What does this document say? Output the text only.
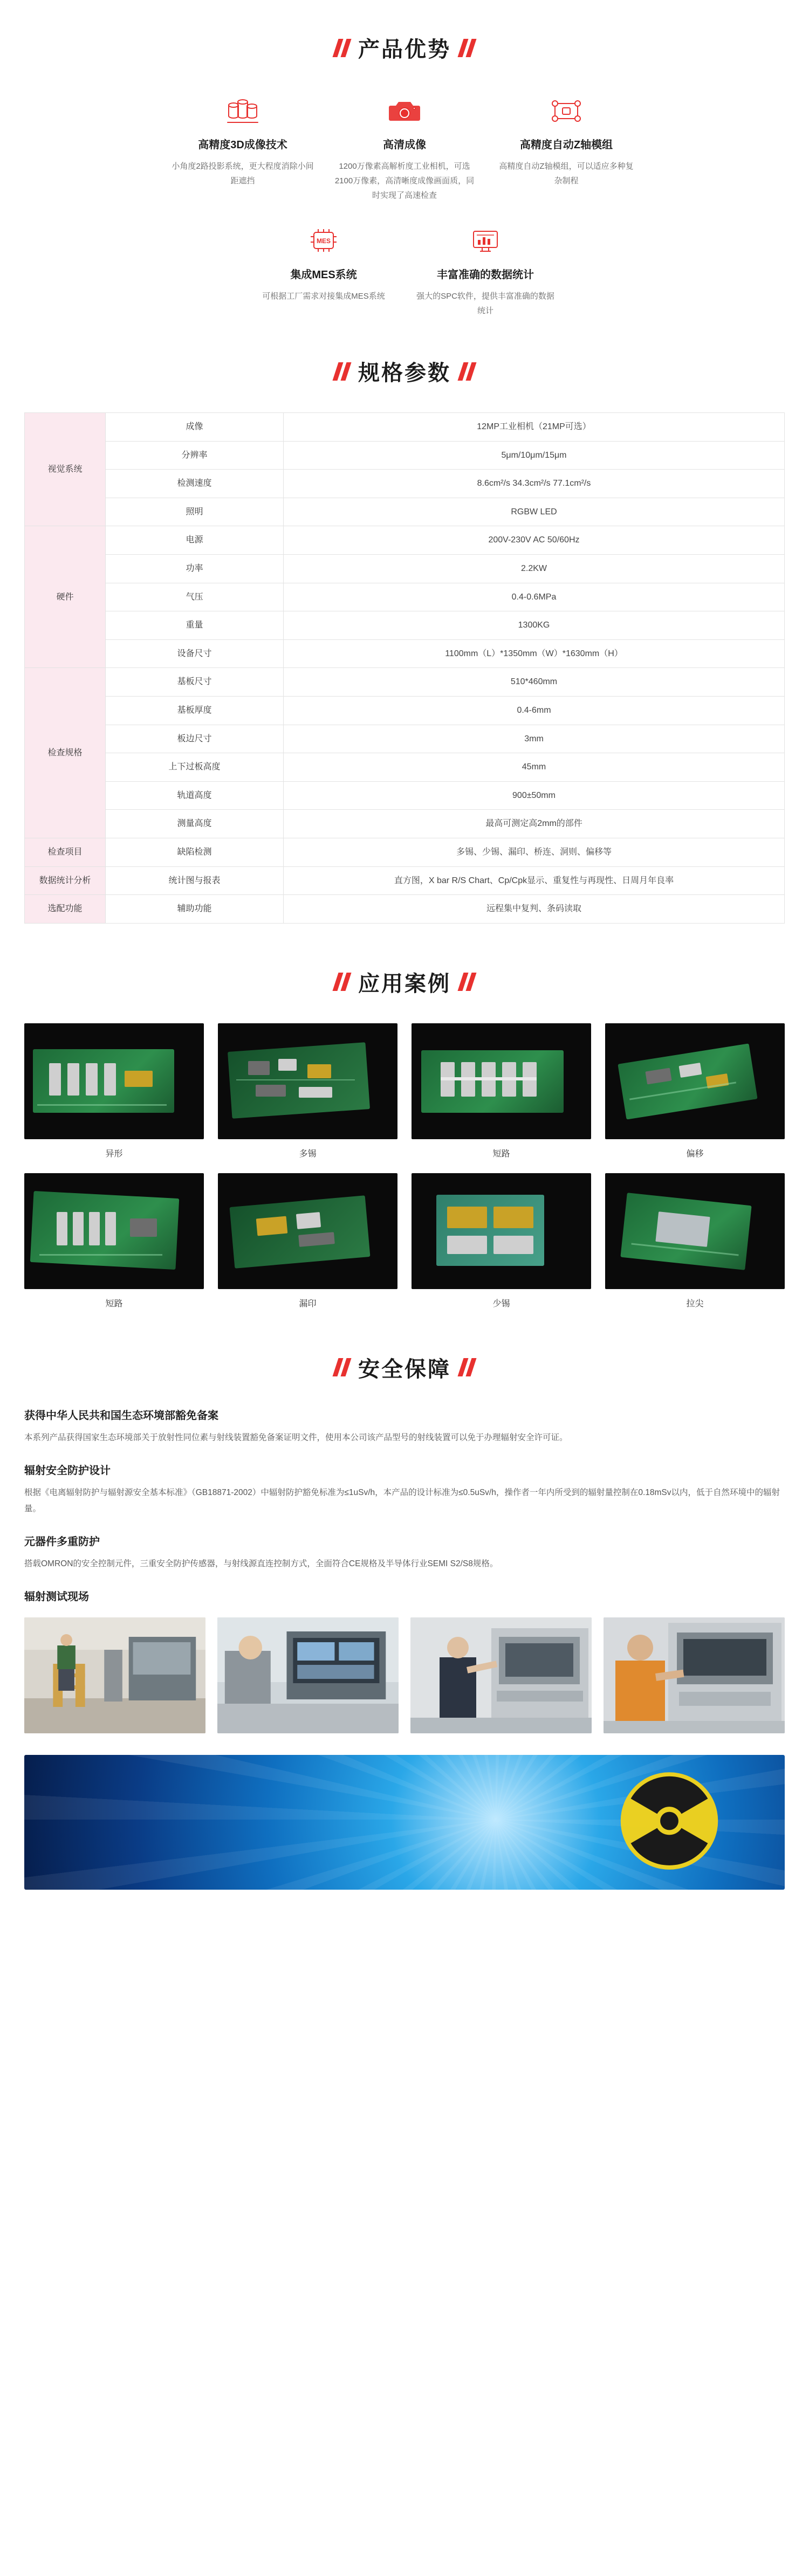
产品优势
高精度3D成像技术
小角度2路投影系统，更大程度消除小间距遮挡
高清成像
1200万像素高解析度工业相机，可选2100万像素，高清晰度成像画面质，同时实现了高速检查
高精度自动Z轴模组
高精度自动Z轴模组，可以适应多种复杂制程
MES
集成MES系统
可根据工厂需求对接集成MES系统
丰富准确的数据统计
强大的SPC软件，提供丰富准确的数据统计
规格参数
视觉系统	成像	12MP工业相机（21MP可选）
	分辨率	5μm/10μm/15μm
	检测速度	8.6cm²/s 34.3cm²/s 77.1cm²/s
	照明	RGBW LED
硬件	电源	200V-230V AC 50/60Hz
	功率	2.2KW
	气压	0.4-0.6MPa
	重量	1300KG
	设备尺寸	1100mm（L）*1350mm（W）*1630mm（H）
检查规格	基板尺寸	510*460mm
	基板厚度	0.4-6mm
	板边尺寸	3mm
	上下过板高度	45mm
	轨道高度	900±50mm
	测量高度	最高可测定高2mm的部件
检查项目	缺陷检测	多锡、少锡、漏印、桥连、洞则、偏移等
数据统计分析	统计图与报表	直方图，X bar R/S Chart、Cp/Cpk显示、重复性与再现性、日周月年良率
选配功能	辅助功能	远程集中复判、条码读取
应用案例
异形	多锡	短路	偏移
短路	漏印	少锡	拉尖
安全保障
获得中华人民共和国生态环境部豁免备案

本系列产品获得国家生态环境部关于放射性同位素与射线装置豁免备案证明文件，使用本公司该产品型号的射线装置可以免于办理辐射安全许可证。

辐射安全防护设计

根据《电离辐射防护与辐射源安全基本标准》（GB18871-2002）中辐射防护豁免标准为≤1uSv/h，本产品的设计标准为≤0.5uSv/h，操作者一年内所受到的辐射量控制在0.18mSv以内，低于自然环境中的辐射量。

元器件多重防护

搭载OMRON的安全控制元件，三重安全防护传感器，与射线源直连控制方式，全面符合CE规格及半导体行业SEMI S2/S8规格。

辐射测试现场
